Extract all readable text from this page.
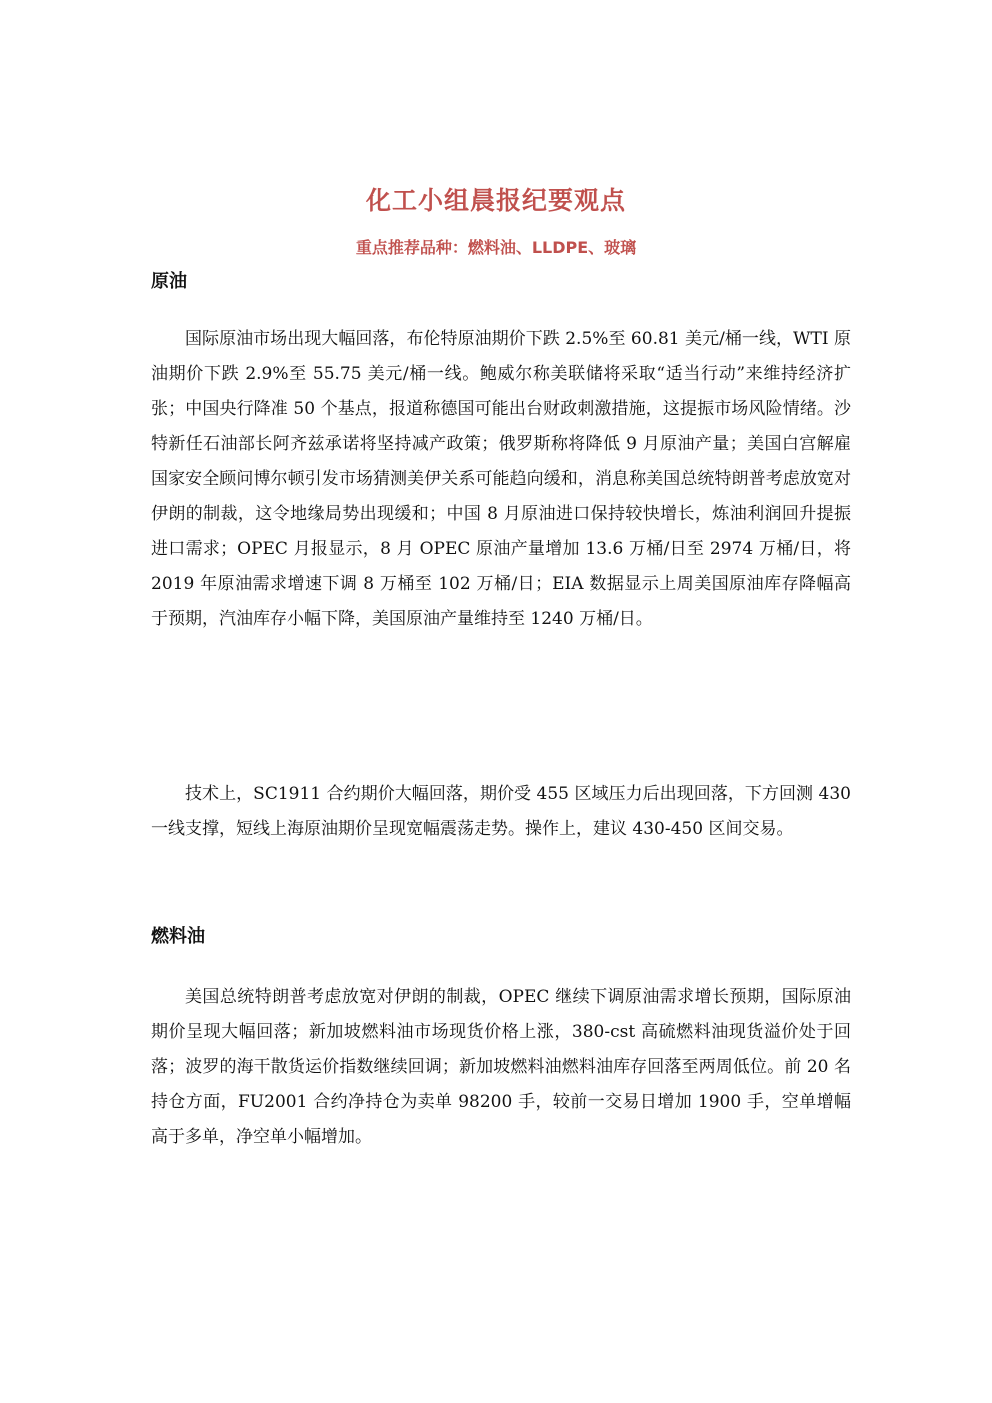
化工小组晨报纪要观点
重点推荐品种：燃料油、LLDPE、玻璃
原油

国际原油市场出现大幅回落，布伦特原油期价下跌 2.5%至 60.81 美元/桶一线，WTI 原油期价下跌 2.9%至 55.75 美元/桶一线。鲍威尔称美联储将采取“适当行动”来维持经济扩张；中国央行降准 50 个基点，报道称德国可能出台财政刺激措施，这提振市场风险情绪。沙特新任石油部长阿齐兹承诺将坚持减产政策；俄罗斯称将降低 9 月原油产量；美国白宫解雇国家安全顾问博尔顿引发市场猜测美伊关系可能趋向缓和，消息称美国总统特朗普考虑放宽对伊朗的制裁，这令地缘局势出现缓和；中国 8 月原油进口保持较快增长，炼油利润回升提振进口需求；OPEC 月报显示，8 月 OPEC 原油产量增加 13.6 万桶/日至 2974 万桶/日，将 2019 年原油需求增速下调 8 万桶至 102 万桶/日；EIA 数据显示上周美国原油库存降幅高于预期，汽油库存小幅下降，美国原油产量维持至 1240 万桶/日。

技术上，SC1911 合约期价大幅回落，期价受 455 区域压力后出现回落，下方回测 430 一线支撑，短线上海原油期价呈现宽幅震荡走势。操作上，建议 430-450 区间交易。

燃料油

美国总统特朗普考虑放宽对伊朗的制裁，OPEC 继续下调原油需求增长预期，国际原油期价呈现大幅回落；新加坡燃料油市场现货价格上涨，380-cst 高硫燃料油现货溢价处于回落；波罗的海干散货运价指数继续回调；新加坡燃料油燃料油库存回落至两周低位。前 20 名持仓方面，FU2001 合约净持仓为卖单 98200 手，较前一交易日增加 1900 手，空单增幅高于多单，净空单小幅增加。
